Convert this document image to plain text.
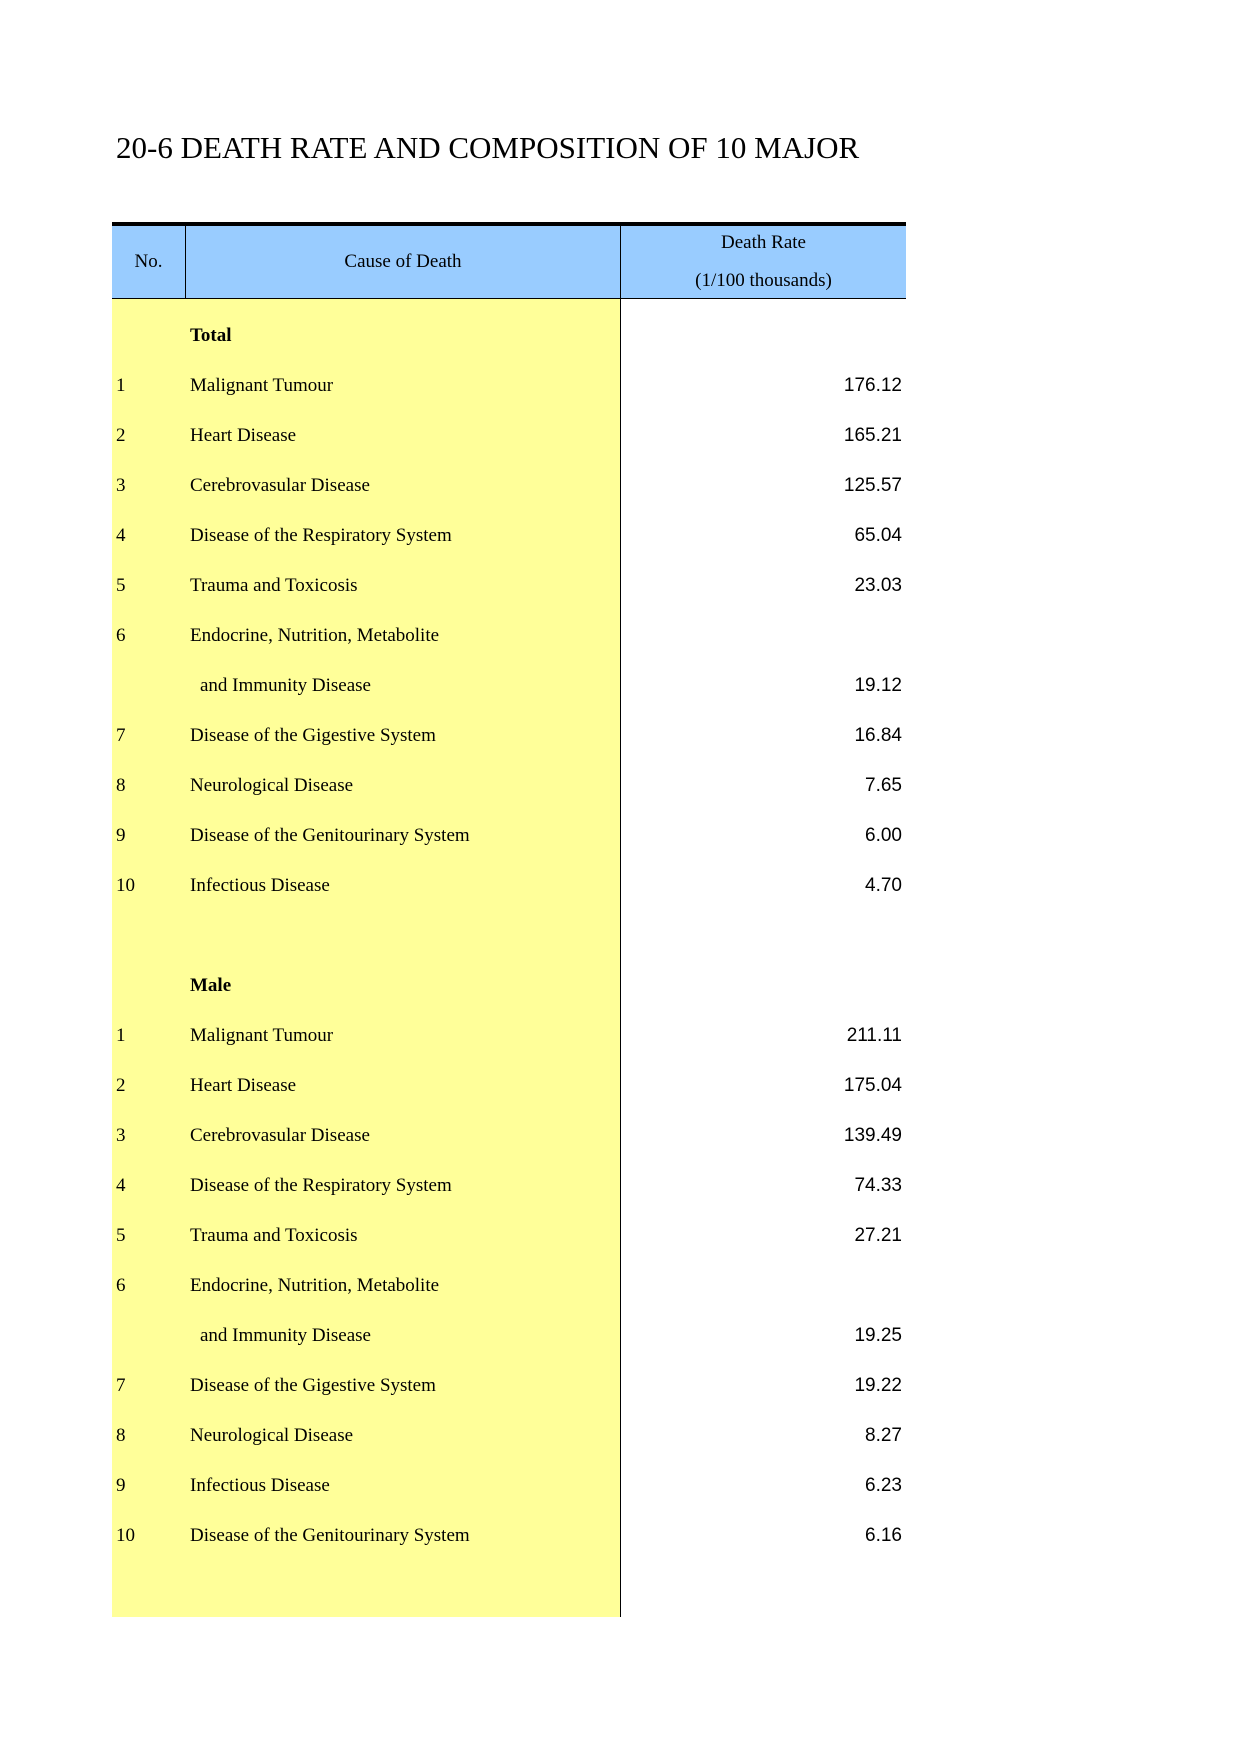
20-6 DEATH RATE AND COMPOSITION OF 10 MAJOR
No.	Cause of Death
Death Rate
(1/100 thousands)
Total
1	Malignant Tumour	176.12
2	Heart Disease	165.21
3	Cerebrovasular Disease	125.57
4	Disease of the Respiratory System	65.04
5	Trauma and Toxicosis	23.03
6	Endocrine, Nutrition, Metabolite
and Immunity Disease	19.12
7	Disease of the Gigestive System	16.84
8	Neurological Disease	7.65
9	Disease of the Genitourinary System	6.00
10	Infectious Disease	4.70
Male
1	Malignant Tumour	211.11
2	Heart Disease	175.04
3	Cerebrovasular Disease	139.49
4	Disease of the Respiratory System	74.33
5	Trauma and Toxicosis	27.21
6	Endocrine, Nutrition, Metabolite
and Immunity Disease	19.25
7	Disease of the Gigestive System	19.22
8	Neurological Disease	8.27
9	Infectious Disease	6.23
10	Disease of the Genitourinary System	6.16
